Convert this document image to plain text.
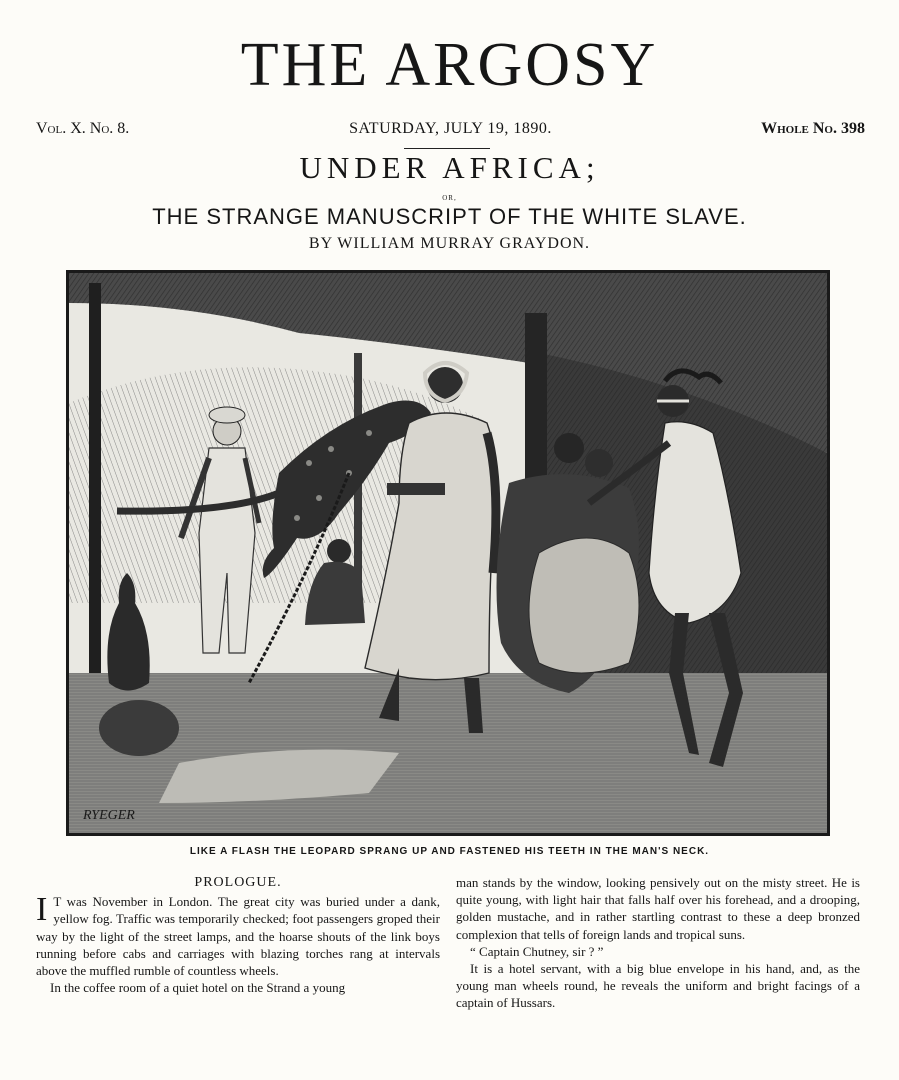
THE ARGOSY
Vol. X. No. 8.	SATURDAY, JULY 19, 1890.	Whole No. 398
UNDER AFRICA;
OR,
THE STRANGE MANUSCRIPT OF THE WHITE SLAVE.
BY WILLIAM MURRAY GRAYDON.
RYEGER
LIKE A FLASH THE LEOPARD SPRANG UP AND FASTENED HIS TEETH IN THE MAN'S NECK.
PROLOGUE.

I T was November in London. The great city was buried under a dank, yellow fog. Traffic was temporarily checked; foot passengers groped their way by the light of the street lamps, and the hoarse shouts of the link boys running before cabs and carriages with blazing torches rang at intervals above the muffled rumble of countless wheels.

In the coffee room of a quiet hotel on the Strand a young

man stands by the window, looking pensively out on the misty street. He is quite young, with light hair that falls half over his forehead, and a drooping, golden mustache, and in rather startling contrast to these a deep bronzed complexion that tells of foreign lands and tropical suns.

“ Captain Chutney, sir ? ”

It is a hotel servant, with a big blue envelope in his hand, and, as the young man wheels round, he reveals the uniform and bright facings of a captain of Hussars.
